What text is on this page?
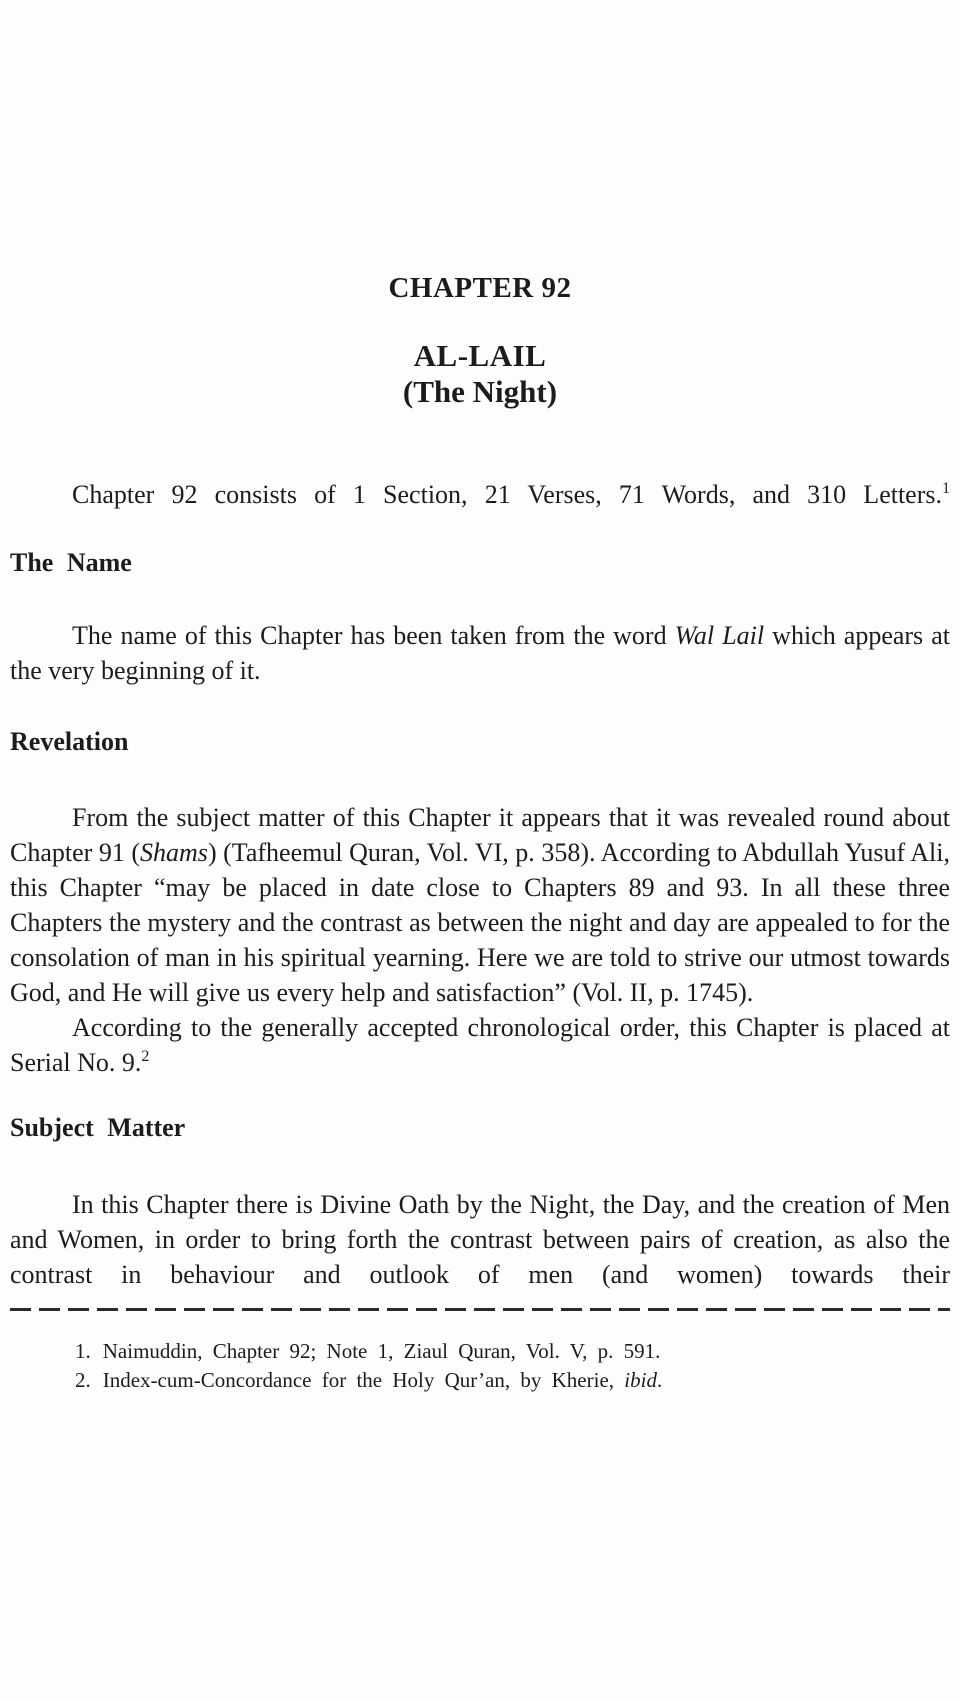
CHAPTER 92
AL-LAIL
(The Night)

Chapter 92 consists of 1 Section, 21 Verses, 71 Words, and 310 Letters.$^1$

The Name

The name of this Chapter has been taken from the word Wal Lail which appears at the very beginning of it.

Revelation

From the subject matter of this Chapter it appears that it was revealed round about Chapter 91 (Shams) (Tafheemul Quran, Vol. VI, p. 358). According to Abdullah Yusuf Ali, this Chapter “may be placed in date close to Chapters 89 and 93. In all these three Chapters the mystery and the contrast as between the night and day are appealed to for the consolation of man in his spiritual yearning. Here we are told to strive our utmost towards God, and He will give us every help and satisfaction” (Vol. II, p. 1745).

According to the generally accepted chronological order, this Chapter is placed at Serial No. 9.$^2$

Subject Matter

In this Chapter there is Divine Oath by the Night, the Day, and the creation of Men and Women, in order to bring forth the contrast between pairs of creation, as also the contrast in behaviour and outlook of men (and women) towards their

1. Naimuddin, Chapter 92; Note 1, Ziaul Quran, Vol. V, p. 591.

2. Index-cum-Concordance for the Holy Qur’an, by Kherie, ibid.
